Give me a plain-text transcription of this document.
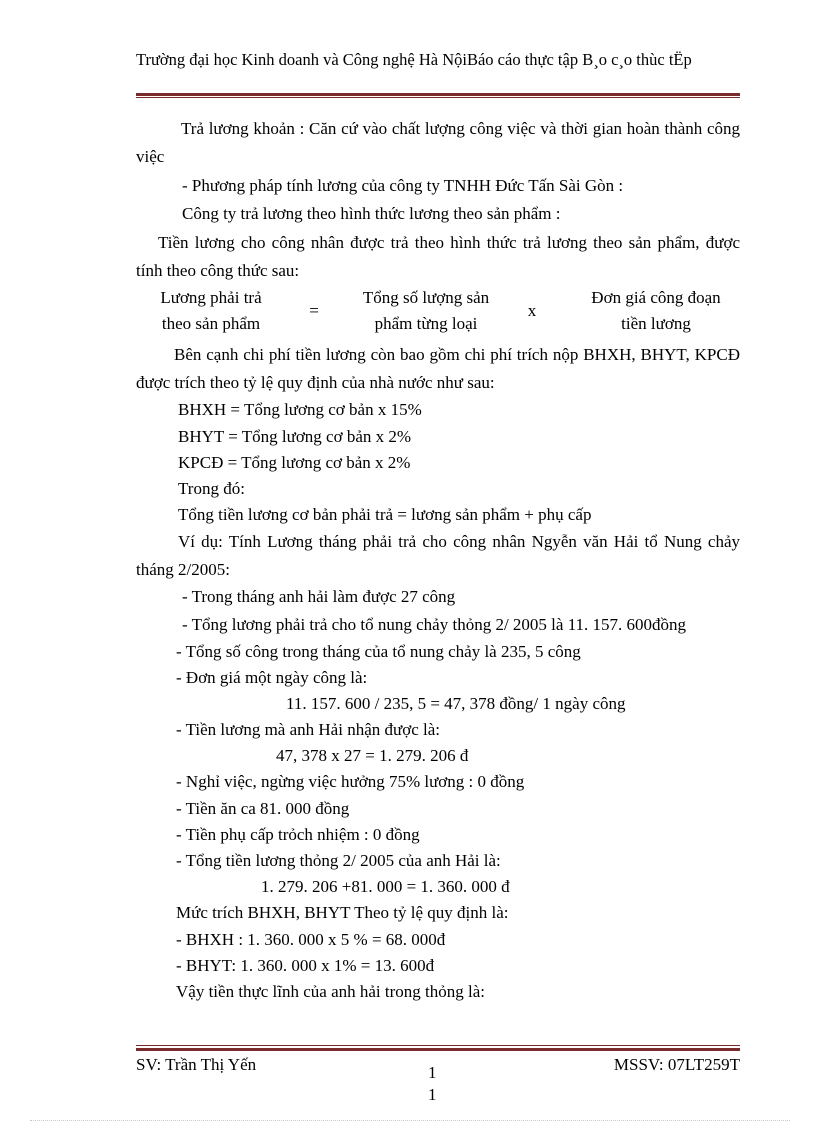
Trường đại học Kinh doanh và Công nghệ Hà NộiBáo cáo thực tập B¸o c¸o thùc tËp
Trả lương khoản : Căn cứ vào chất lượng công việc và thời gian hoàn thành công việc
- Phương pháp tính lương của công ty TNHH Đức Tấn Sài Gòn :
Công ty trả lương theo hình thức lương theo sản phẩm :
Tiền lương cho công nhân được trả theo hình thức trả lương theo sản phẩm, được tính theo công thức sau:
Lương phải trả
theo sản phẩm
=
Tổng số lượng sản
phẩm từng loại
x
Đơn giá công đoạn
tiền lương
Bên cạnh chi phí tiền lương còn bao gồm chi phí trích nộp BHXH, BHYT, KPCĐ được trích theo tỷ lệ quy định của nhà nước như sau:
BHXH = Tổng lương cơ bản x 15%
BHYT = Tổng lương cơ bản x 2%
KPCĐ = Tổng lương cơ bản x 2%
Trong đó:
Tổng tiền lương cơ bản phải trả = lương sản phẩm + phụ cấp
Ví dụ: Tính Lương tháng phải trả cho công nhân Ngyễn văn Hải tổ Nung chảy tháng 2/2005:
- Trong tháng anh hải làm được 27 công
- Tổng lương phải trả cho tổ nung chảy thỏng 2/ 2005 là 11. 157. 600đồng
- Tổng số công trong tháng của tổ nung chảy là 235, 5 công
- Đơn giá một ngày công là:
11. 157. 600 / 235, 5 = 47, 378 đồng/ 1 ngày công
- Tiền lương mà anh Hải nhận được là:
47, 378 x 27 = 1. 279. 206 đ
- Nghỉ việc, ngừng việc hưởng 75% lương : 0 đồng
- Tiền ăn ca 81. 000 đồng
- Tiền phụ cấp trỏch nhiệm : 0 đồng
- Tổng tiền lương thỏng 2/ 2005 của anh Hải là:
1. 279. 206 +81. 000 = 1. 360. 000 đ
Mức trích BHXH, BHYT Theo tỷ lệ quy định là:
- BHXH : 1. 360. 000 x 5 % = 68. 000đ
- BHYT: 1. 360. 000 x 1% = 13. 600đ
Vậy tiền thực lĩnh của anh hải trong thỏng là:
SV: Trần Thị Yến	1
1
MSSV: 07LT259T
